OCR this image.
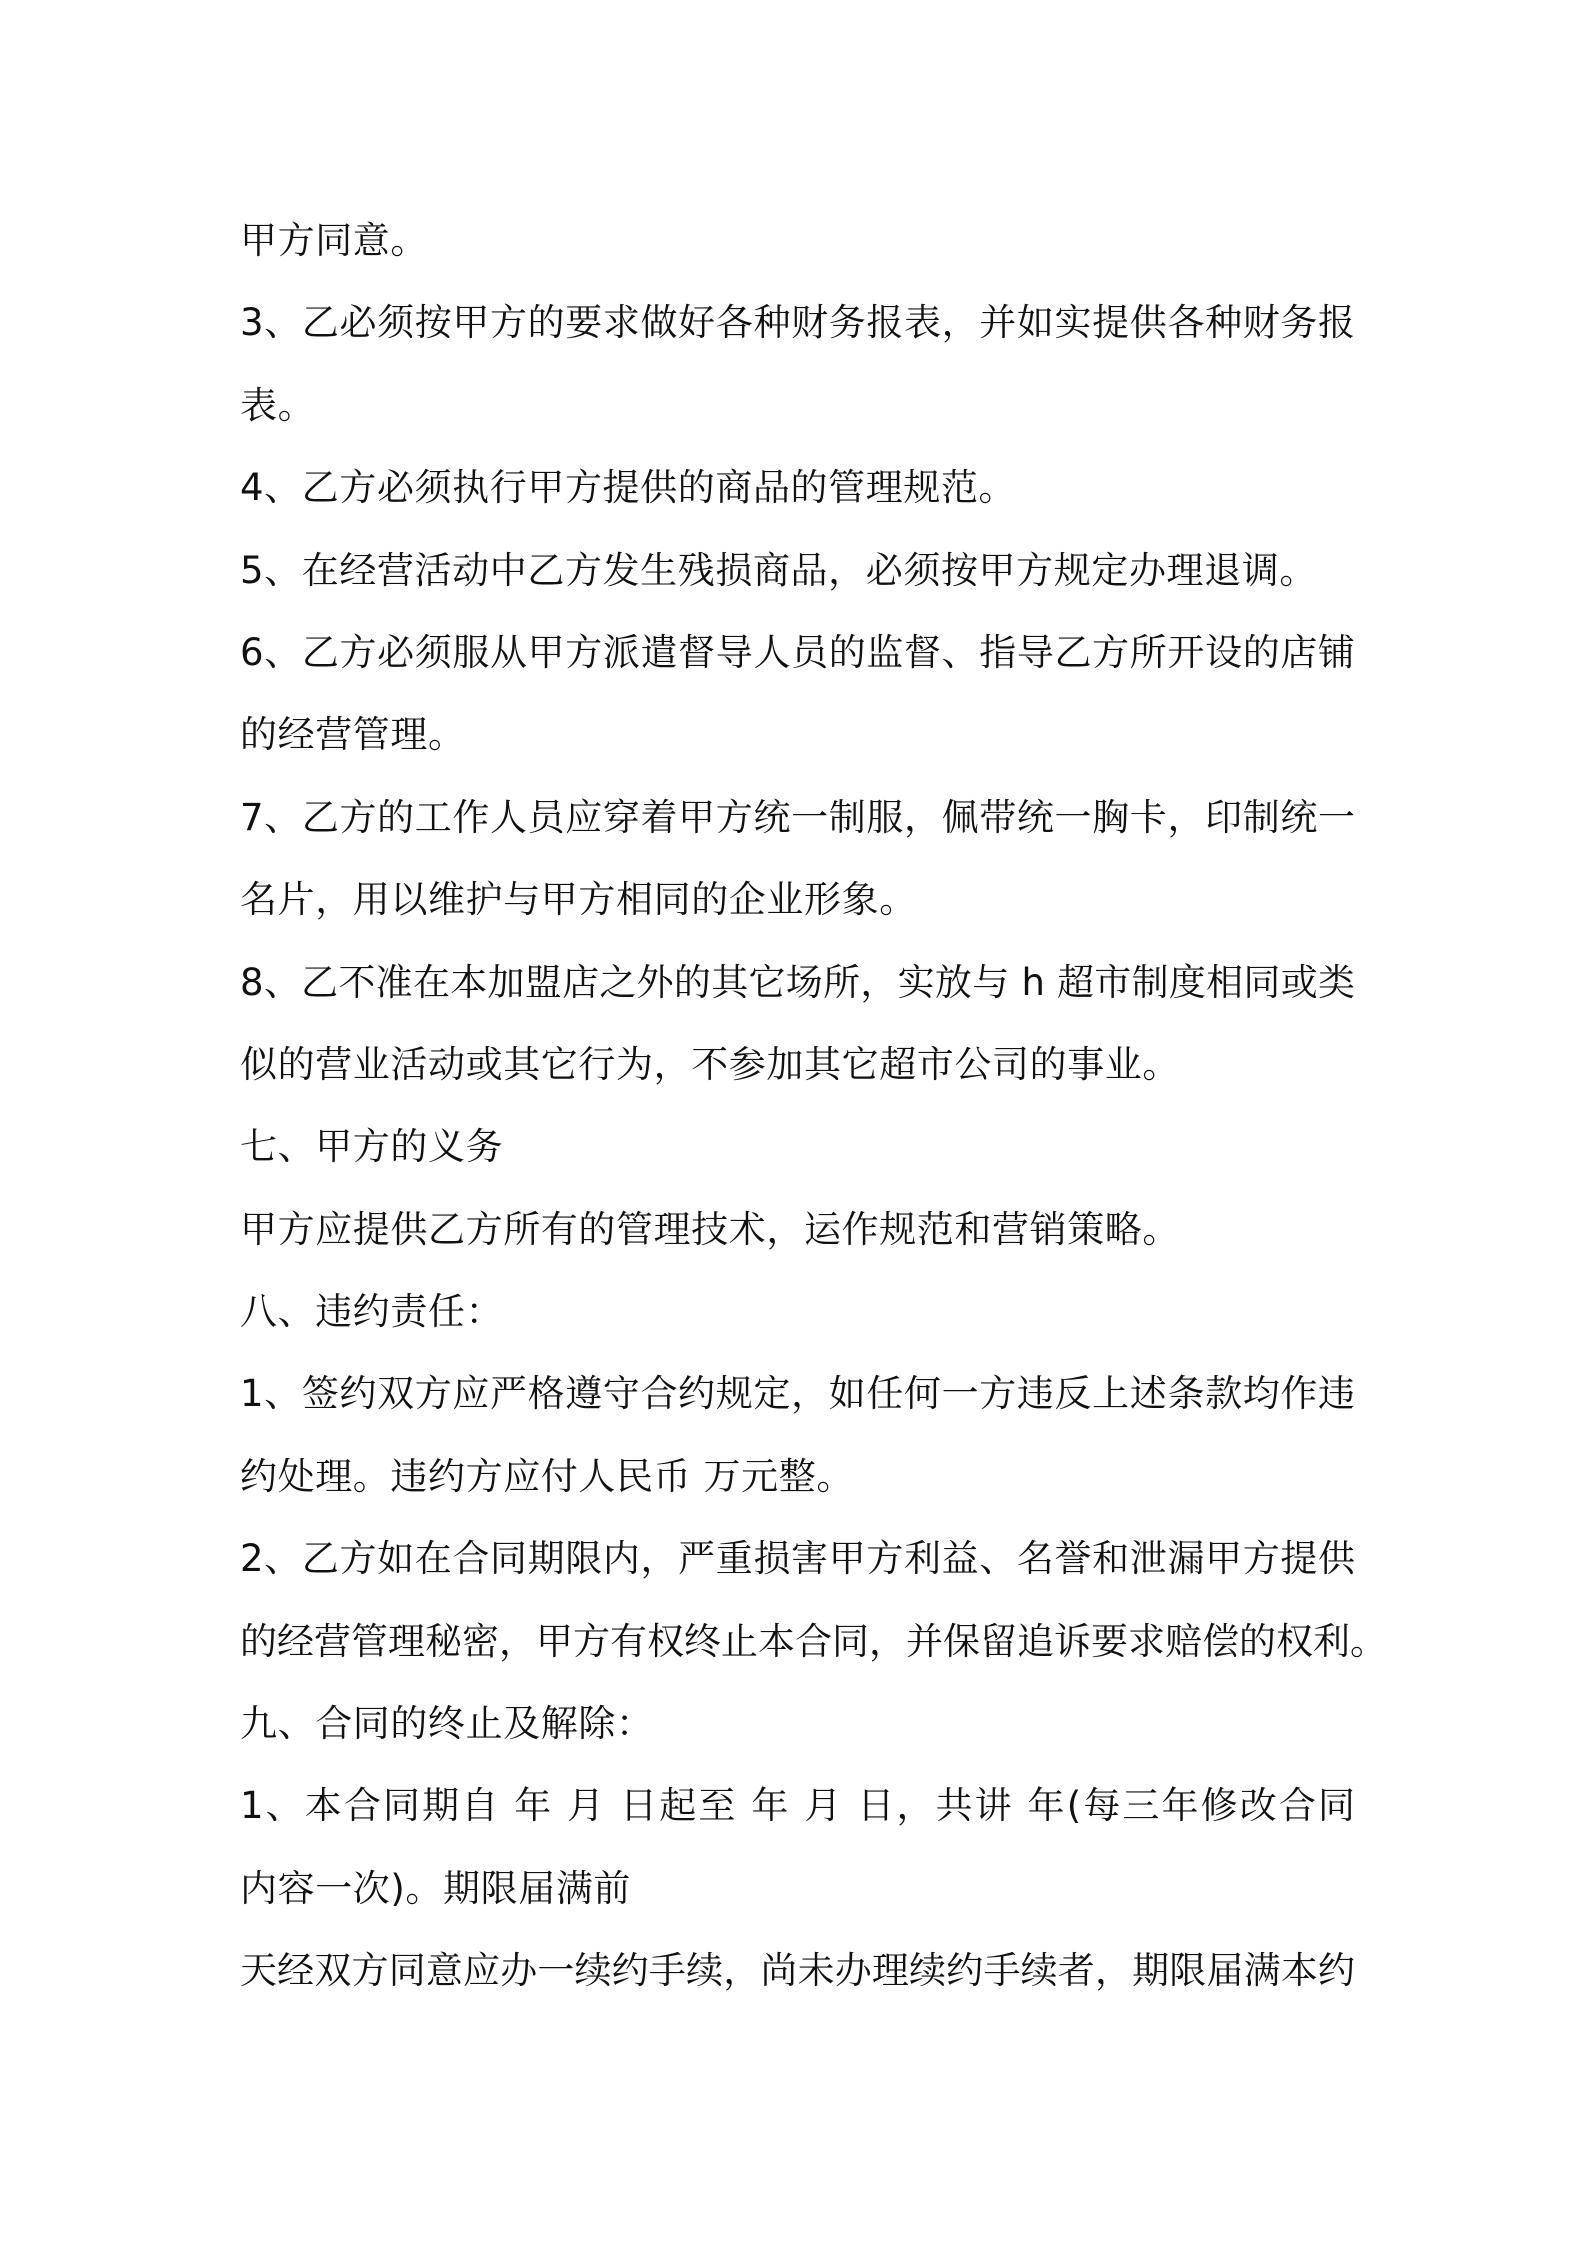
甲方同意。
3、乙必须按甲方的要求做好各种财务报表，并如实提供各种财务报
表。
4、乙方必须执行甲方提供的商品的管理规范。
5、在经营活动中乙方发生残损商品，必须按甲方规定办理退调。
6、乙方必须服从甲方派遣督导人员的监督、指导乙方所开设的店铺
的经营管理。
7、乙方的工作人员应穿着甲方统一制服，佩带统一胸卡，印制统一
名片，用以维护与甲方相同的企业形象。
8、乙不准在本加盟店之外的其它场所，实放与 h 超市制度相同或类
似的营业活动或其它行为，不参加其它超市公司的事业。
七、甲方的义务
甲方应提供乙方所有的管理技术，运作规范和营销策略。
八、违约责任：
1、签约双方应严格遵守合约规定，如任何一方违反上述条款均作违
约处理。违约方应付人民币 万元整。
2、乙方如在合同期限内，严重损害甲方利益、名誉和泄漏甲方提供
的经营管理秘密，甲方有权终止本合同，并保留追诉要求赔偿的权利。
九、合同的终止及解除：
1、本合同期自 年 月 日起至 年 月 日，共讲 年(每三年修改合同
内容一次)。期限届满前
天经双方同意应办一续约手续，尚未办理续约手续者，期限届满本约
